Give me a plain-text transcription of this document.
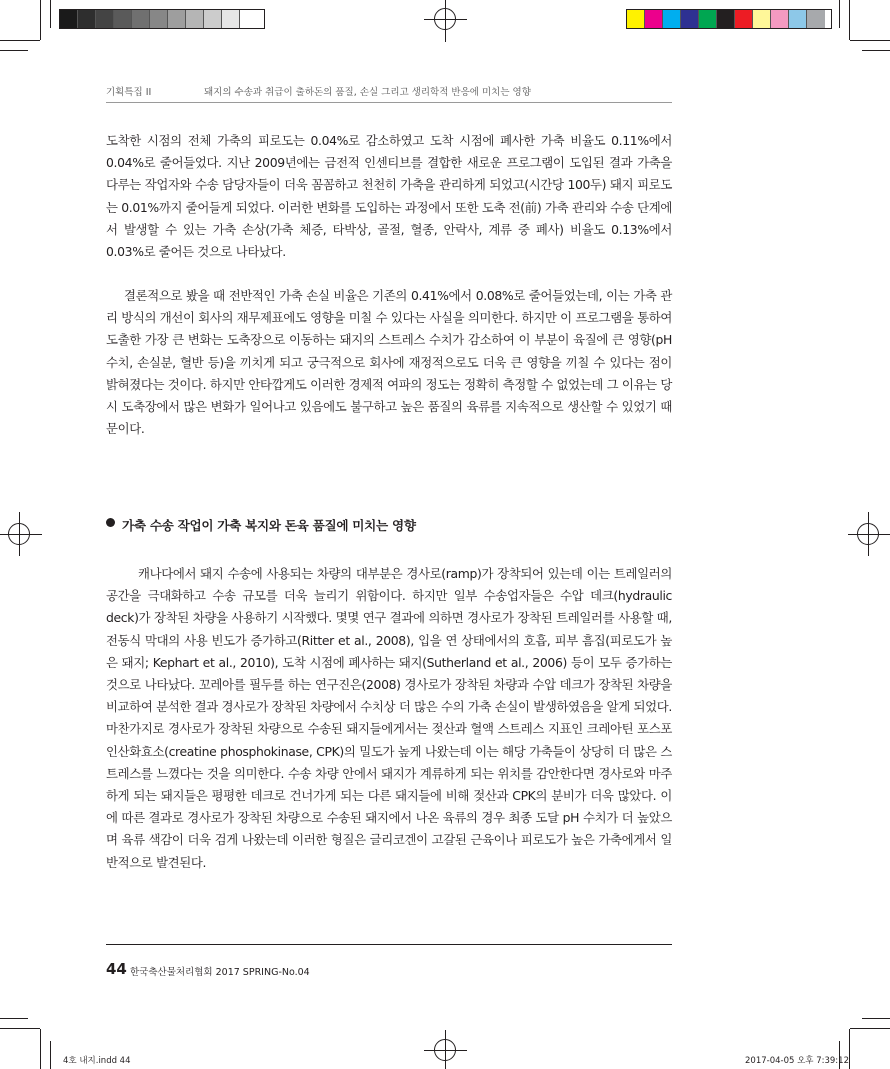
기획특집 II	돼지의 수송과 취급이 출하돈의 품질, 손실 그리고 생리학적 반응에 미치는 영향
도착한 시점의 전체 가축의 피로도는 0.04%로 감소하였고 도착 시점에 폐사한 가축 비율도 0.11%에서 0.04%로 줄어들었다. 지난 2009년에는 금전적 인센티브를 결합한 새로운 프로그램이 도입된 결과 가축을 다루는 작업자와 수송 담당자들이 더욱 꼼꼼하고 천천히 가축을 관리하게 되었고(시간당 100두) 돼지 피로도는 0.01%까지 줄어들게 되었다. 이러한 변화를 도입하는 과정에서 또한 도축 전(前) 가축 관리와 수송 단계에서 발생할 수 있는 가축 손상(가축 체증, 타박상, 골절, 혈종, 안락사, 계류 중 폐사) 비율도 0.13%에서 0.03%로 줄어든 것으로 나타났다.
결론적으로 봤을 때 전반적인 가축 손실 비율은 기존의 0.41%에서 0.08%로 줄어들었는데, 이는 가축 관리 방식의 개선이 회사의 재무제표에도 영향을 미칠 수 있다는 사실을 의미한다. 하지만 이 프로그램을 통하여 도출한 가장 큰 변화는 도축장으로 이동하는 돼지의 스트레스 수치가 감소하여 이 부분이 육질에 큰 영향(pH 수치, 손실분, 혈반 등)을 끼치게 되고 궁극적으로 회사에 재정적으로도 더욱 큰 영향을 끼칠 수 있다는 점이 밝혀졌다는 것이다. 하지만 안타깝게도 이러한 경제적 여파의 정도는 정확히 측정할 수 없었는데 그 이유는 당시 도축장에서 많은 변화가 일어나고 있음에도 불구하고 높은 품질의 육류를 지속적으로 생산할 수 있었기 때문이다.
가축 수송 작업이 가축 복지와 돈육 품질에 미치는 영향
캐나다에서 돼지 수송에 사용되는 차량의 대부분은 경사로(ramp)가 장착되어 있는데 이는 트레일러의 공간을 극대화하고 수송 규모를 더욱 늘리기 위함이다. 하지만 일부 수송업자들은 수압 데크(hydraulic deck)가 장착된 차량을 사용하기 시작했다. 몇몇 연구 결과에 의하면 경사로가 장착된 트레일러를 사용할 때, 전동식 막대의 사용 빈도가 증가하고(Ritter et al., 2008), 입을 연 상태에서의 호흡, 피부 흠집(피로도가 높은 돼지; Kephart et al., 2010), 도착 시점에 폐사하는 돼지(Sutherland et al., 2006) 등이 모두 증가하는 것으로 나타났다. 꼬레아를 필두를 하는 연구진은(2008) 경사로가 장착된 차량과 수압 데크가 장착된 차량을 비교하여 분석한 결과 경사로가 장착된 차량에서 수치상 더 많은 수의 가축 손실이 발생하였음을 알게 되었다. 마찬가지로 경사로가 장착된 차량으로 수송된 돼지들에게서는 젖산과 혈액 스트레스 지표인 크레아틴 포스포인산화효소(creatine phosphokinase, CPK)의 밀도가 높게 나왔는데 이는 해당 가축들이 상당히 더 많은 스트레스를 느꼈다는 것을 의미한다. 수송 차량 안에서 돼지가 계류하게 되는 위치를 감안한다면 경사로와 마주하게 되는 돼지들은 평평한 데크로 건너가게 되는 다른 돼지들에 비해 젖산과 CPK의 분비가 더욱 많았다. 이에 따른 결과로 경사로가 장착된 차량으로 수송된 돼지에서 나온 육류의 경우 최종 도달 pH 수치가 더 높았으며 육류 색감이 더욱 검게 나왔는데 이러한 형질은 글리코겐이 고갈된 근육이나 피로도가 높은 가축에게서 일반적으로 발견된다.
44 한국축산물처리협회 2017 SPRING-No.04
4호 내지.indd 44	2017-04-05 오후 7:39:12
